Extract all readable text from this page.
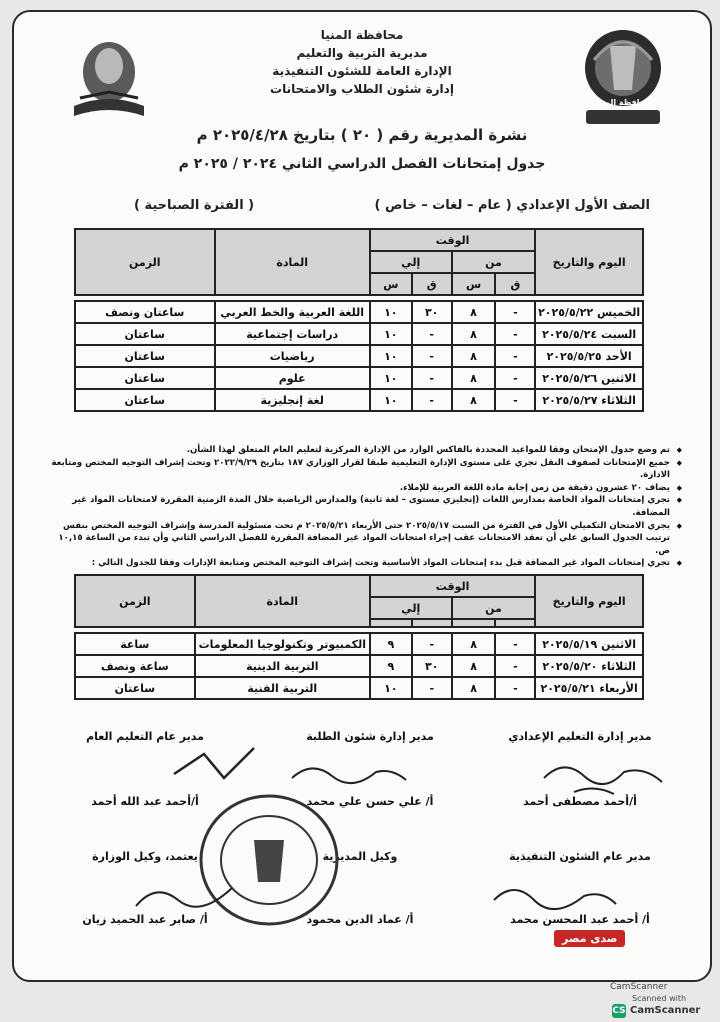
محافظة المنيا
محافظة المنيا
مديرية التربية والتعليم
الإدارة العامة للشئون التنفيذية
إدارة شئون الطلاب والامتحانات
نشرة المديرية رقم ( ٢٠ ) بتاريخ ٢٠٢٥/٤/٢٨ م
جدول إمتحانات الفصل الدراسي الثاني ٢٠٢٤ / ٢٠٢٥ م
الصف الأول الإعدادي ( عام – لغات – خاص )
( الفترة الصباحية )
اليوم والتاريخ	الوقت				المادة	الزمن
	من		إلي			
	ق	س	ق	س		

الخميس ٢٠٢٥/٥/٢٢	-	٨	٣٠	١٠	اللغة العربية والخط العربي	ساعتان ونصف
السبت ٢٠٢٥/٥/٢٤	-	٨	-	١٠	دراسات إجتماعية	ساعتان
الأحد ٢٠٢٥/٥/٢٥	-	٨	-	١٠	رياضيات	ساعتان
الاثنين ٢٠٢٥/٥/٢٦	-	٨	-	١٠	علوم	ساعتان
الثلاثاء ٢٠٢٥/٥/٢٧	-	٨	-	١٠	لغة إنجليزية	ساعتان
◆ تم وضع جدول الإمتحان وفقا للمواعيد المحددة بالفاكس الوارد من الإدارة المركزية لتعليم العام المتعلق لهذا الشأن.
◆ جميع الإمتحانات لصفوف النقل تجري على مستوى الإدارة التعليمية طبقا لقرار الوزاري ١٨٧ بتاريخ ٢٠٢٢/٩/٢٩ وتحت إشراف التوجيه المختص ومتابعة الادارة.
◆ يضاف ٢٠ عشرون دقيقة من زمن إجابة مادة اللغة العربية للإملاء.
◆ تجري إمتحانات المواد الخاصة بمدارس اللغات (إنجليزي مستوى – لغة ثانية) والمدارس الرياضية خلال المدة الزمنية المقررة لامتحانات المواد غير المضافة.
◆ يجري الامتحان التكميلي الأول في الفترة من السبت ٢٠٢٥/٥/١٧ حتى الأربعاء ٢٠٢٥/٥/٢١ م تحت مسئولية المدرسة وإشراف التوجيه المختص بنفس ترتيب الجدول السابق علي أن تعقد الامتحانات عقب إجراء امتحانات المواد غير المضافة المقررة للفصل الدراسي الثاني وأن تبدء من الساعة ١٠,١٥ ص.
◆ تجري إمتحانات المواد غير المضافة قبل بدء إمتحانات المواد الأساسية وتحت إشراف التوجيه المختص ومتابعة الإدارات وفقا للجدول التالي :
اليوم والتاريخ	الوقت				المادة	الزمن
	من		إلي			

الاثنين ٢٠٢٥/٥/١٩	-	٨	-	٩	الكمبيوتر وتكنولوجيا المعلومات	ساعة
الثلاثاء ٢٠٢٥/٥/٢٠	-	٨	٣٠	٩	التربية الدينية	ساعة ونصف
الأربعاء ٢٠٢٥/٥/٢١	-	٨	-	١٠	التربية الفنية	ساعتان
مدير إدارة التعليم الإعدادي
أ/أحمد مصطفى أحمد
مدير إدارة شئون الطلبة
أ/ علي حسن علي محمد
مدير عام التعليم العام
أ/أحمد عبد الله أحمد
مدير عام الشئون التنفيذية
أ/ أحمد عبد المحسن محمد
وكيل المديرية
أ/ عماد الدين محمود
يعتمد، وكيل الوزارة
أ/ صابر عبد الحميد زيان
صدى مصر
CamScanner
Scanned with
CS CamScanner
